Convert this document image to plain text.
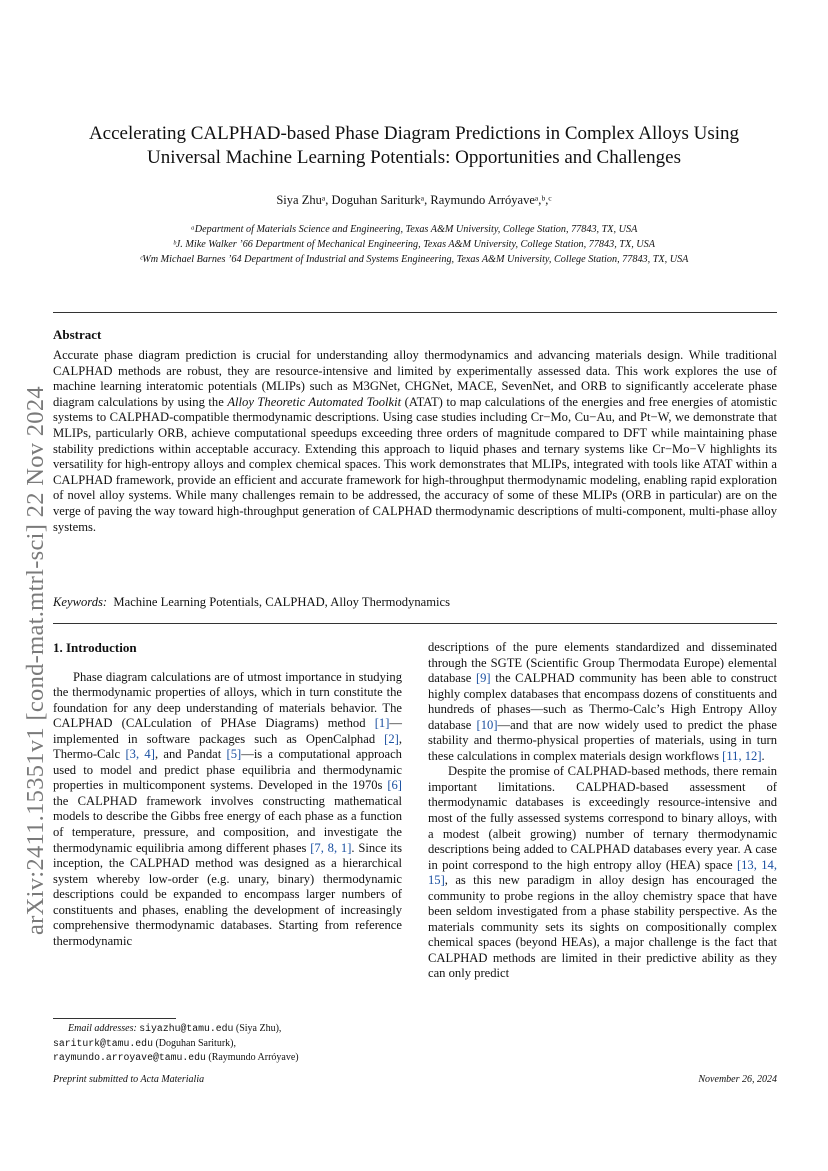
arXiv:2411.15351v1 [cond-mat.mtrl-sci] 22 Nov 2024
Accelerating CALPHAD-based Phase Diagram Predictions in Complex Alloys Using
Universal Machine Learning Potentials: Opportunities and Challenges
Siya Zhuᵃ, Doguhan Sariturkᵃ, Raymundo Arróyaveᵃ,ᵇ,ᶜ
ᵃDepartment of Materials Science and Engineering, Texas A&M University, College Station, 77843, TX, USA
ᵇJ. Mike Walker ’66 Department of Mechanical Engineering, Texas A&M University, College Station, 77843, TX, USA
ᶜWm Michael Barnes ’64 Department of Industrial and Systems Engineering, Texas A&M University, College Station, 77843, TX, USA
Abstract

Accurate phase diagram prediction is crucial for understanding alloy thermodynamics and advancing materials design. While traditional CALPHAD methods are robust, they are resource-intensive and limited by experimentally assessed data. This work explores the use of machine learning interatomic potentials (MLIPs) such as M3GNet, CHGNet, MACE, SevenNet, and ORB to significantly accelerate phase diagram calculations by using the Alloy Theoretic Automated Toolkit (ATAT) to map calculations of the energies and free energies of atomistic systems to CALPHAD-compatible thermodynamic descriptions. Using case studies including Cr−Mo, Cu−Au, and Pt−W, we demonstrate that MLIPs, particularly ORB, achieve computational speedups exceeding three orders of magnitude compared to DFT while maintaining phase stability predictions within acceptable accuracy. Extending this approach to liquid phases and ternary systems like Cr−Mo−V highlights its versatility for high-entropy alloys and complex chemical spaces. This work demonstrates that MLIPs, integrated with tools like ATAT within a CALPHAD framework, provide an efficient and accurate framework for high-throughput thermodynamic modeling, enabling rapid exploration of novel alloy systems. While many challenges remain to be addressed, the accuracy of some of these MLIPs (ORB in particular) are on the verge of paving the way toward high-throughput generation of CALPHAD thermodynamic descriptions of multi-component, multi-phase alloy systems.

Keywords: Machine Learning Potentials, CALPHAD, Alloy Thermodynamics
1. Introduction

Phase diagram calculations are of utmost importance in studying the thermodynamic properties of alloys, which in turn constitute the foundation for any deep understanding of materials behavior. The CALPHAD (CALculation of PHAse Diagrams) method [1]—implemented in software packages such as OpenCalphad [2], Thermo-Calc [3, 4], and Pandat [5]—is a computational approach used to model and predict phase equilibria and thermodynamic properties in multicomponent systems. Developed in the 1970s [6] the CALPHAD framework involves constructing mathematical models to describe the Gibbs free energy of each phase as a function of temperature, pressure, and composition, and investigate the thermodynamic equilibria among different phases [7, 8, 1]. Since its inception, the CALPHAD method was designed as a hierarchical system whereby low-order (e.g. unary, binary) thermodynamic descriptions could be expanded to encompass larger numbers of constituents and phases, enabling the development of increasingly comprehensive thermodynamic databases. Starting from reference thermodynamic

descriptions of the pure elements standardized and disseminated through the SGTE (Scientific Group Thermodata Europe) elemental database [9] the CALPHAD community has been able to construct highly complex databases that encompass dozens of constituents and hundreds of phases—such as Thermo-Calc’s High Entropy Alloy database [10]—and that are now widely used to predict the phase stability and thermo-physical properties of materials, using in turn these calculations in complex materials design workflows [11, 12].

Despite the promise of CALPHAD-based methods, there remain important limitations. CALPHAD-based assessment of thermodynamic databases is exceedingly resource-intensive and most of the fully assessed systems correspond to binary alloys, with a modest (albeit growing) number of ternary thermodynamic descriptions being added to CALPHAD databases every year. A case in point correspond to the high entropy alloy (HEA) space [13, 14, 15], as this new paradigm in alloy design has encouraged the community to probe regions in the alloy chemistry space that have been seldom investigated from a phase stability perspective. As the materials community sets its sights on compositionally complex chemical spaces (beyond HEAs), a major challenge is the fact that CALPHAD methods are limited in their predictive ability as they can only predict

Email addresses: siyazhu@tamu.edu (Siya Zhu),
sariturk@tamu.edu (Doguhan Sariturk),
raymundo.arroyave@tamu.edu (Raymundo Arróyave)
Preprint submitted to Acta Materialia	November 26, 2024
